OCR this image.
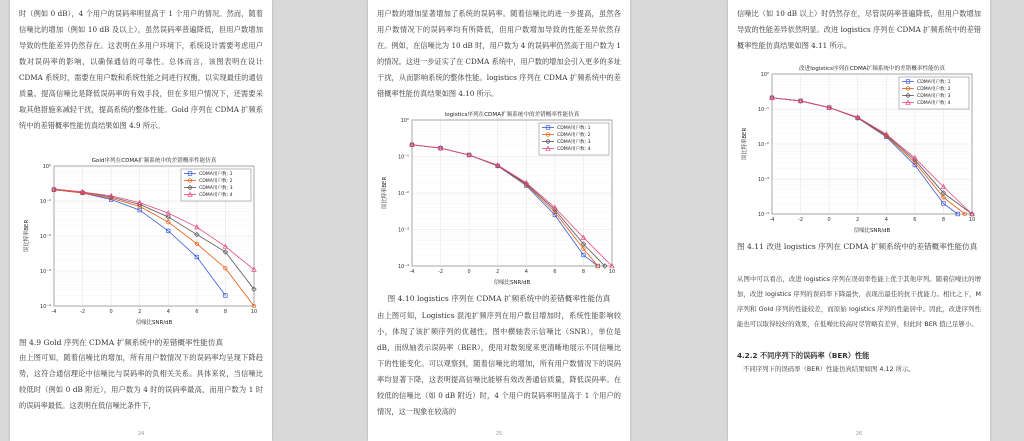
时（例如 0 dB），4 个用户的误码率明显高于 1 个用户的情况。然而，随着信噪比的增加（例如 10 dB 及以上），虽然误码率普遍降低，但用户数增加导致的性能差异仍然存在。这表明在多用户环境下，系统设计需要考虑用户数对误码率的影响，以确保通信的可靠性。总体而言，该图表明在设计 CDMA 系统时，需要在用户数和系统性能之间进行权衡，以实现最佳的通信质量。提高信噪比是降低误码率的有效手段，但在多用户情况下，还需要采取其他措施来减轻干扰，提高系统的整体性能。Gold 序列在 CDMA 扩频系统中的差错概率性能仿真结果如图 4.9 所示。
Gold序列在CDMA扩频系统中的差错概率性能仿真
-4	-2	0	2	4	6	8	10
10⁰
10⁻¹
10⁻²
10⁻³
10⁻⁴
信噪比SNR/dB
误比特率BER
CDMA用户数: 1
CDMA用户数: 2
CDMA用户数: 3
CDMA用户数: 4
图 4.9 Gold 序列在 CDMA 扩频系统中的差错概率性能仿真
由上图可知，随着信噪比的增加，所有用户数情况下的误码率均呈现下降趋势，这符合通信理论中信噪比与误码率的负相关关系。具体来说，当信噪比较低时（例如 0 dB 附近），用户数为 4 时的误码率最高，而用户数为 1 时的误码率最低。这表明在低信噪比条件下，
24
用户数的增加显著增加了系统的误码率。随着信噪比的进一步提高，虽然各用户数情况下的误码率均有所降低，但用户数增加导致的性能差异依然存在。例如，在信噪比为 10 dB 时，用户数为 4 的误码率仍然高于用户数为 1 的情况。这进一步证实了在 CDMA 系统中，用户数的增加会引入更多的多址干扰，从而影响系统的整体性能。logistics 序列在 CDMA 扩频系统中的差错概率性能仿真结果如图 4.10 所示。
logistics序列在CDMA扩频系统中的差错概率性能仿真
-4	-2	0	2	4	6	8	10
10⁰
10⁻¹
10⁻²
10⁻³
10⁻⁴
信噪比SNR/dB
误比特率BER
CDMA用户数: 1
CDMA用户数: 2
CDMA用户数: 3
CDMA用户数: 4
图 4.10 logistics 序列在 CDMA 扩频系统中的差错概率性能仿真
由上图可知，Logistics 混沌扩频序列在用户数目增加时，系统性能影响较小，体现了该扩频序列的优越性。图中横轴表示信噪比（SNR），单位是 dB，而纵轴表示误码率（BER），使用对数刻度来更清晰地展示不同信噪比下的性能变化。可以观察到，随着信噪比的增加，所有用户数情况下的误码率均显著下降，这表明提高信噪比能够有效改善通信质量，降低误码率。在较低的信噪比（如 0 dB 附近）时，4 个用户的误码率明显高于 1 个用户的情况，这一现象在较高的
25
信噪比（如 10 dB 以上）时仍然存在，尽管误码率普遍降低，但用户数增加导致的性能差异依然明显。改进 logistics 序列在 CDMA 扩频系统中的差错概率性能仿真结果如图 4.11 所示。
改进logistics序列在CDMA扩频系统中的差错概率性能仿真
-4	-2	0	2	4	6	8	10
10⁰
10⁻¹
10⁻²
10⁻³
10⁻⁴
信噪比SNR/dB
误比特率BER
CDMA用户数: 1
CDMA用户数: 2
CDMA用户数: 3
CDMA用户数: 4
图 4.11 改进 logistics 序列在 CDMA 扩频系统中的差错概率性能仿真
从图中可以看出，改进 logistics 序列在误码率性能上优于其他序列。随着信噪比的增加，改进 logistics 序列的误码率下降最快，表现出最佳的抗干扰能力。相比之下，M 序列和 Gold 序列的性能较差，而原始 logistics 序列的性能居中。因此，改进序列性能也可以取得较好的效果，在低噪比较高时尽管略有差异，但此时 BER 值已足够小。
4.2.2 不同序列下的误码率（BER）性能
不同序列下的误码率（BER）性能仿真结果如图 4.12 所示。
26
